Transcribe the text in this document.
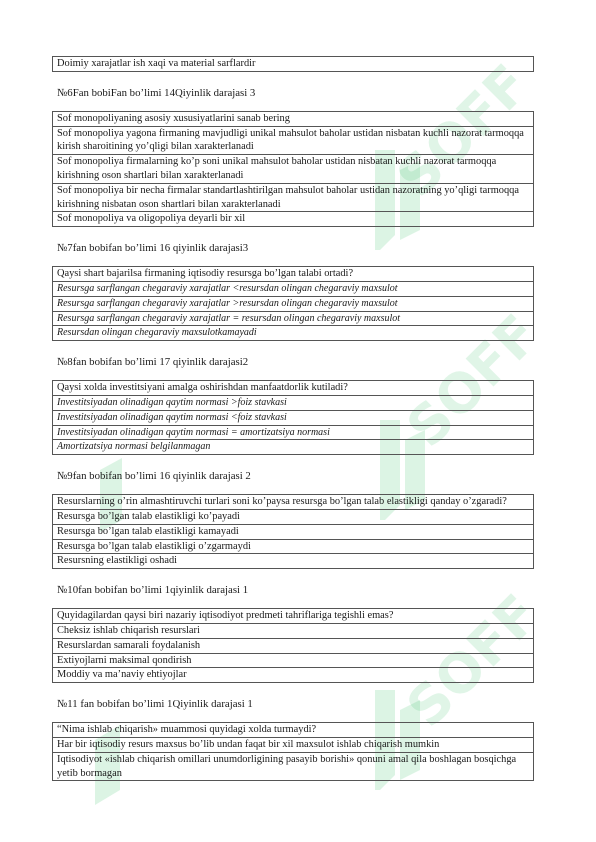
SOFF
SOFF
SOFF
Doimiy xarajatlar ish xaqi va material sarflardir
№6Fan bobiFan bo’limi 14Qiyinlik darajasi 3
Sof monopoliyaning asosiy xususiyatlarini sanab bering
Sof monopoliya yagona firmaning mavjudligi unikal mahsulot baholar ustidan nisbatan kuchli nazorat tarmoqqa kirish sharoitining yo’qligi bilan xarakterlanadi
Sof monopoliya firmalarning ko’p soni unikal mahsulot baholar ustidan nisbatan kuchli nazorat tarmoqqa kirishning oson shartlari bilan xarakterlanadi
Sof monopoliya bir necha firmalar standartlashtirilgan mahsulot baholar ustidan nazoratning yo’qligi tarmoqqa kirishning nisbatan oson shartlari bilan xarakterlanadi
Sof monopoliya va oligopoliya deyarli bir xil
№7fan bobifan bo’limi 16 qiyinlik darajasi3
Qaysi shart bajarilsa firmaning iqtisodiy resursga bo’lgan talabi ortadi?
Resursga sarflangan chegaraviy xarajatlar <resursdan olingan chegaraviy maxsulot
Resursga sarflangan chegaraviy xarajatlar >resursdan olingan chegaraviy maxsulot
Resursga sarflangan chegaraviy xarajatlar = resursdan olingan chegaraviy maxsulot
Resursdan olingan chegaraviy maxsulotkamayadi
№8fan bobifan bo’limi 17 qiyinlik darajasi2
Qaysi xolda investitsiyani amalga oshirishdan manfaatdorlik kutiladi?
Investitsiyadan olinadigan qaytim normasi >foiz stavkasi
Investitsiyadan olinadigan qaytim normasi <foiz stavkasi
Investitsiyadan olinadigan qaytim normasi = amortizatsiya normasi
Amortizatsiya normasi belgilanmagan
№9fan bobifan bo’limi 16 qiyinlik darajasi 2
Resurslarning o’rin almashtiruvchi turlari soni ko’paysa resursga bo’lgan talab elastikligi qanday o’zgaradi?
Resursga bo’lgan talab elastikligi ko’payadi
Resursga bo’lgan talab elastikligi kamayadi
Resursga bo’lgan talab elastikligi o’zgarmaydi
Resursning elastikligi oshadi
№10fan bobifan bo’limi 1qiyinlik darajasi 1
Quyidagilardan qaysi biri nazariy iqtisodiyot predmeti tahriflariga tegishli emas?
Cheksiz ishlab chiqarish resurslari
Resurslardan samarali foydalanish
Extiyojlarni maksimal qondirish
Moddiy va ma’naviy ehtiyojlar
№11 fan bobifan bo’limi 1Qiyinlik darajasi 1
“Nima ishlab chiqarish» muammosi quyidagi xolda turmaydi?
Har bir iqtisodiy resurs maxsus bo’lib undan faqat bir xil maxsulot ishlab chiqarish mumkin
Iqtisodiyot «ishlab chiqarish omillari unumdorligining pasayib borishi» qonuni amal qila boshlagan bosqichga yetib bormagan
